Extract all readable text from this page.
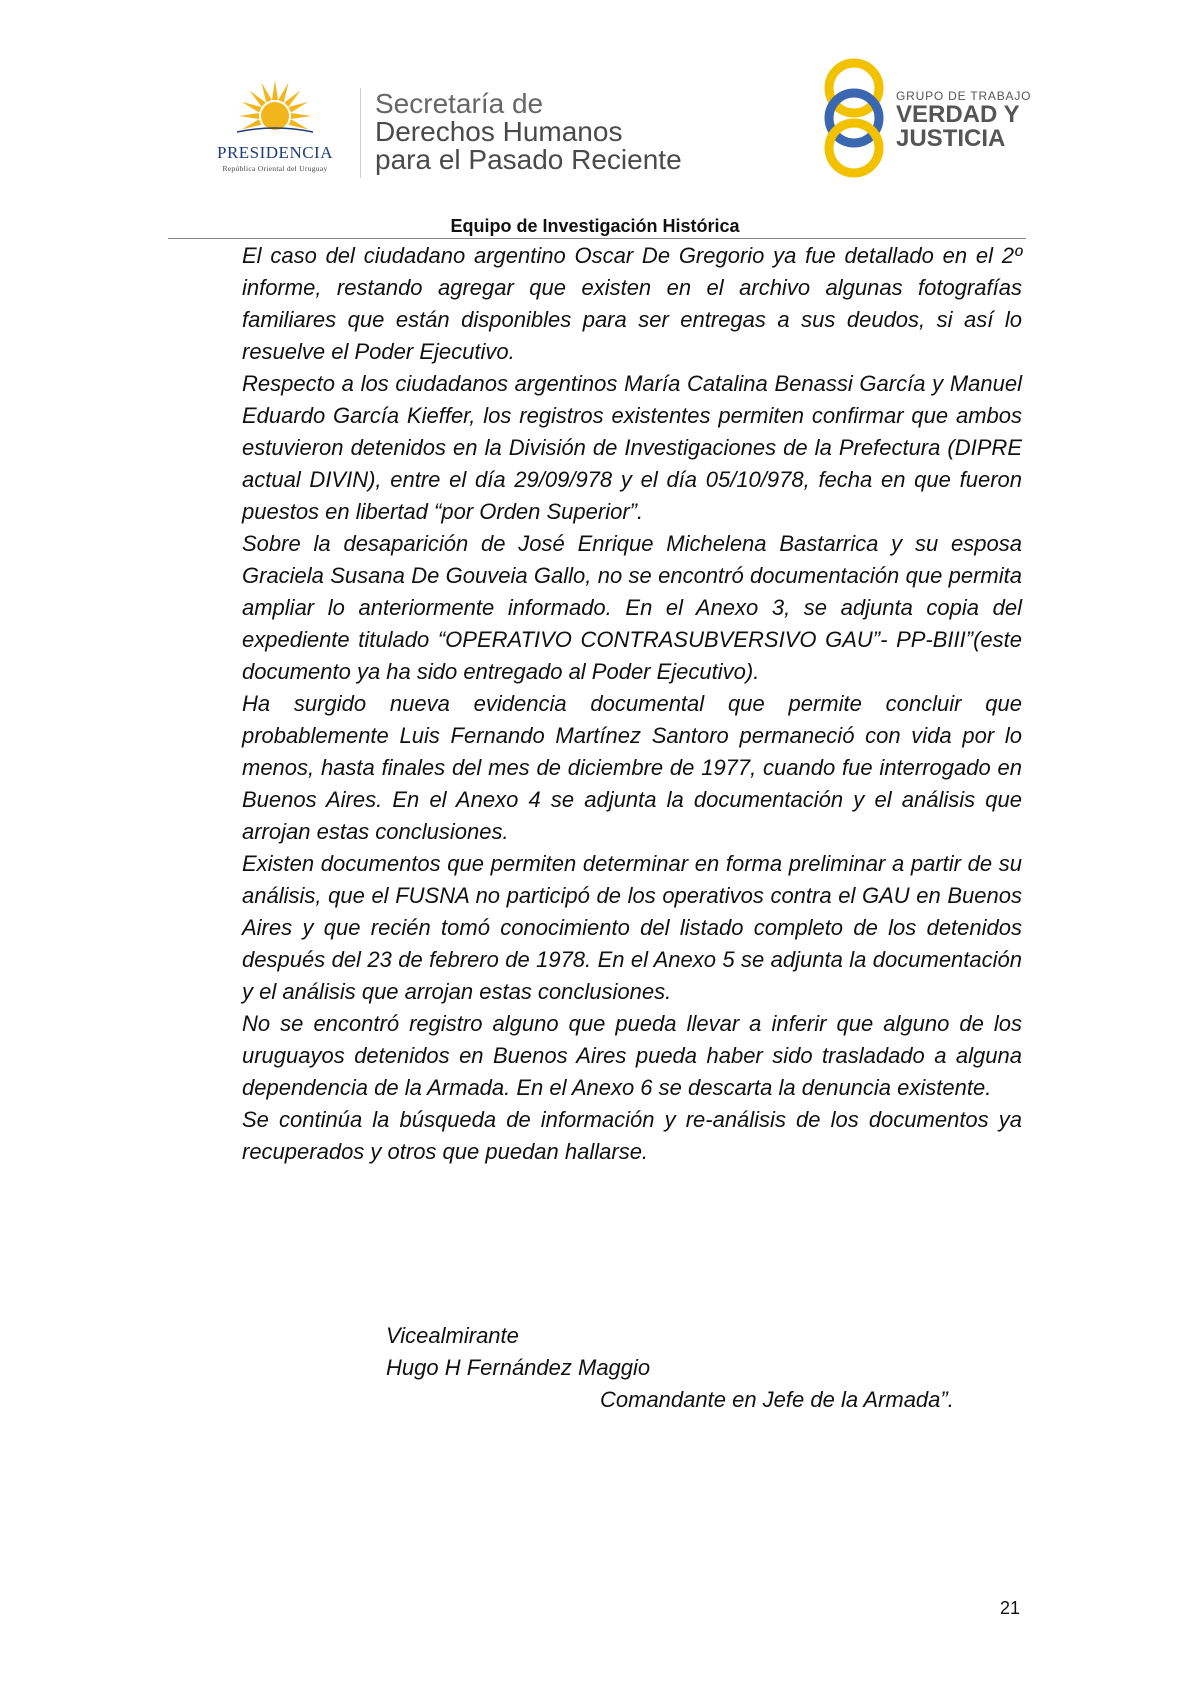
PRESIDENCIA
República Oriental del Uruguay
Secretaría de
Derechos Humanos
para el Pasado Reciente
GRUPO DE TRABAJO
VERDAD Y
JUSTICIA
Equipo de Investigación Histórica

El caso del ciudadano argentino Oscar De Gregorio ya fue detallado en el 2º informe, restando agregar que existen en el archivo algunas fotografías familiares que están disponibles para ser entregas a sus deudos, si así lo resuelve el Poder Ejecutivo.

Respecto a los ciudadanos argentinos María Catalina Benassi García y Manuel Eduardo García Kieffer, los registros existentes permiten confirmar que ambos estuvieron detenidos en la División de Investigaciones de la Prefectura (DIPRE actual DIVIN), entre el día 29/09/978 y el día 05/10/978, fecha en que fueron puestos en libertad “por Orden Superior”.

Sobre la desaparición de José Enrique Michelena Bastarrica y su esposa Graciela Susana De Gouveia Gallo, no se encontró documentación que permita ampliar lo anteriormente informado. En el Anexo 3, se adjunta copia del expediente titulado “OPERATIVO CONTRASUBVERSIVO GAU”- PP-BIII”(este documento ya ha sido entregado al Poder Ejecutivo).

Ha surgido nueva evidencia documental que permite concluir que probablemente Luis Fernando Martínez Santoro permaneció con vida por lo menos, hasta finales del mes de diciembre de 1977, cuando fue interrogado en Buenos Aires. En el Anexo 4 se adjunta la documentación y el análisis que arrojan estas conclusiones.

Existen documentos que permiten determinar en forma preliminar a partir de su análisis, que el FUSNA no participó de los operativos contra el GAU en Buenos Aires y que recién tomó conocimiento del listado completo de los detenidos después del 23 de febrero de 1978. En el Anexo 5 se adjunta la documentación y el análisis que arrojan estas conclusiones.

No se encontró registro alguno que pueda llevar a inferir que alguno de los uruguayos detenidos en Buenos Aires pueda haber sido trasladado a alguna dependencia de la Armada. En el Anexo 6 se descarta la denuncia existente.

Se continúa la búsqueda de información y re-análisis de los documentos ya recuperados y otros que puedan hallarse.

Vicealmirante
Hugo H Fernández Maggio
Comandante en Jefe de la Armada”.
21
